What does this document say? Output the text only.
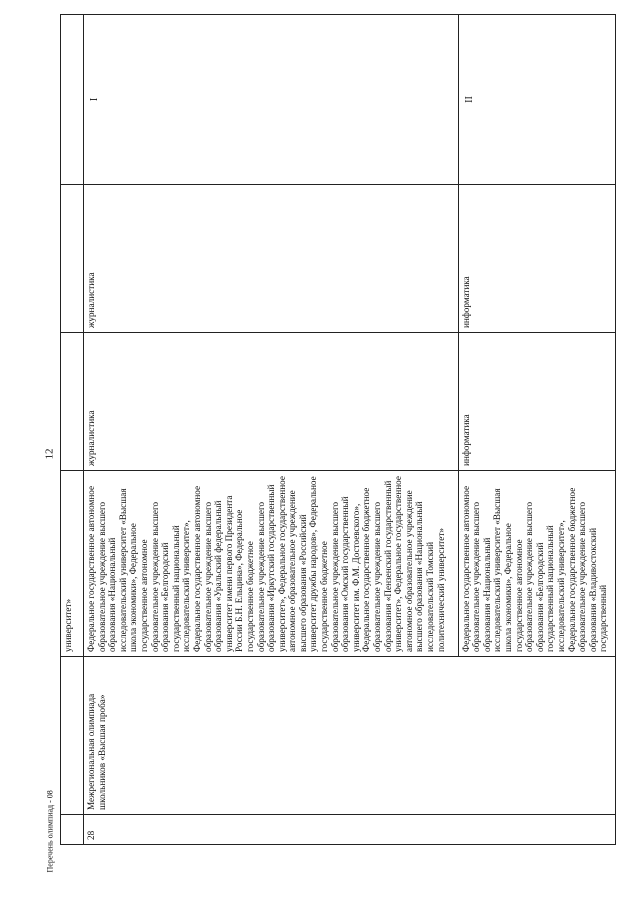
12

		университет»			

28	Межрегиональная олимпиада школьников «Высшая проба»	Федеральное государственное автономное образовательное учреждение высшего образования «Национальный исследовательский университет «Высшая школа экономики», Федеральное государственное автономное образовательное учреждение высшего образования «Белгородский государственный национальный исследовательский университет», Федеральное государственное автономное образовательное учреждение высшего образования «Уральский федеральный университет имени первого Президента России Б.Н. Ельцина», Федеральное государственное бюджетное образовательное учреждение высшего образования «Иркутский государственный университет», Федеральное государственное автономное образовательное учреждение высшего образования «Российский университет дружбы народов», Федеральное государственное бюджетное образовательное учреждение высшего образования «Омский государственный университет им. Ф.М. Достоевского», Федеральное государственное бюджетное образовательное учреждение высшего образования «Пензенский государственный университет», Федеральное государственное автономное образовательное учреждение высшего образования «Национальный исследовательский Томский политехнический университет»	журналистика	журналистика	I

		Федеральное государственное автономное образовательное учреждение высшего образования «Национальный исследовательский университет «Высшая школа экономики», Федеральное государственное автономное образовательное учреждение высшего образования «Белгородский государственный национальный исследовательский университет», Федеральное государственное бюджетное образовательное учреждение высшего образования «Владивостокский государственный	информатика	информатика	II
Перечень олимпиад - 08
